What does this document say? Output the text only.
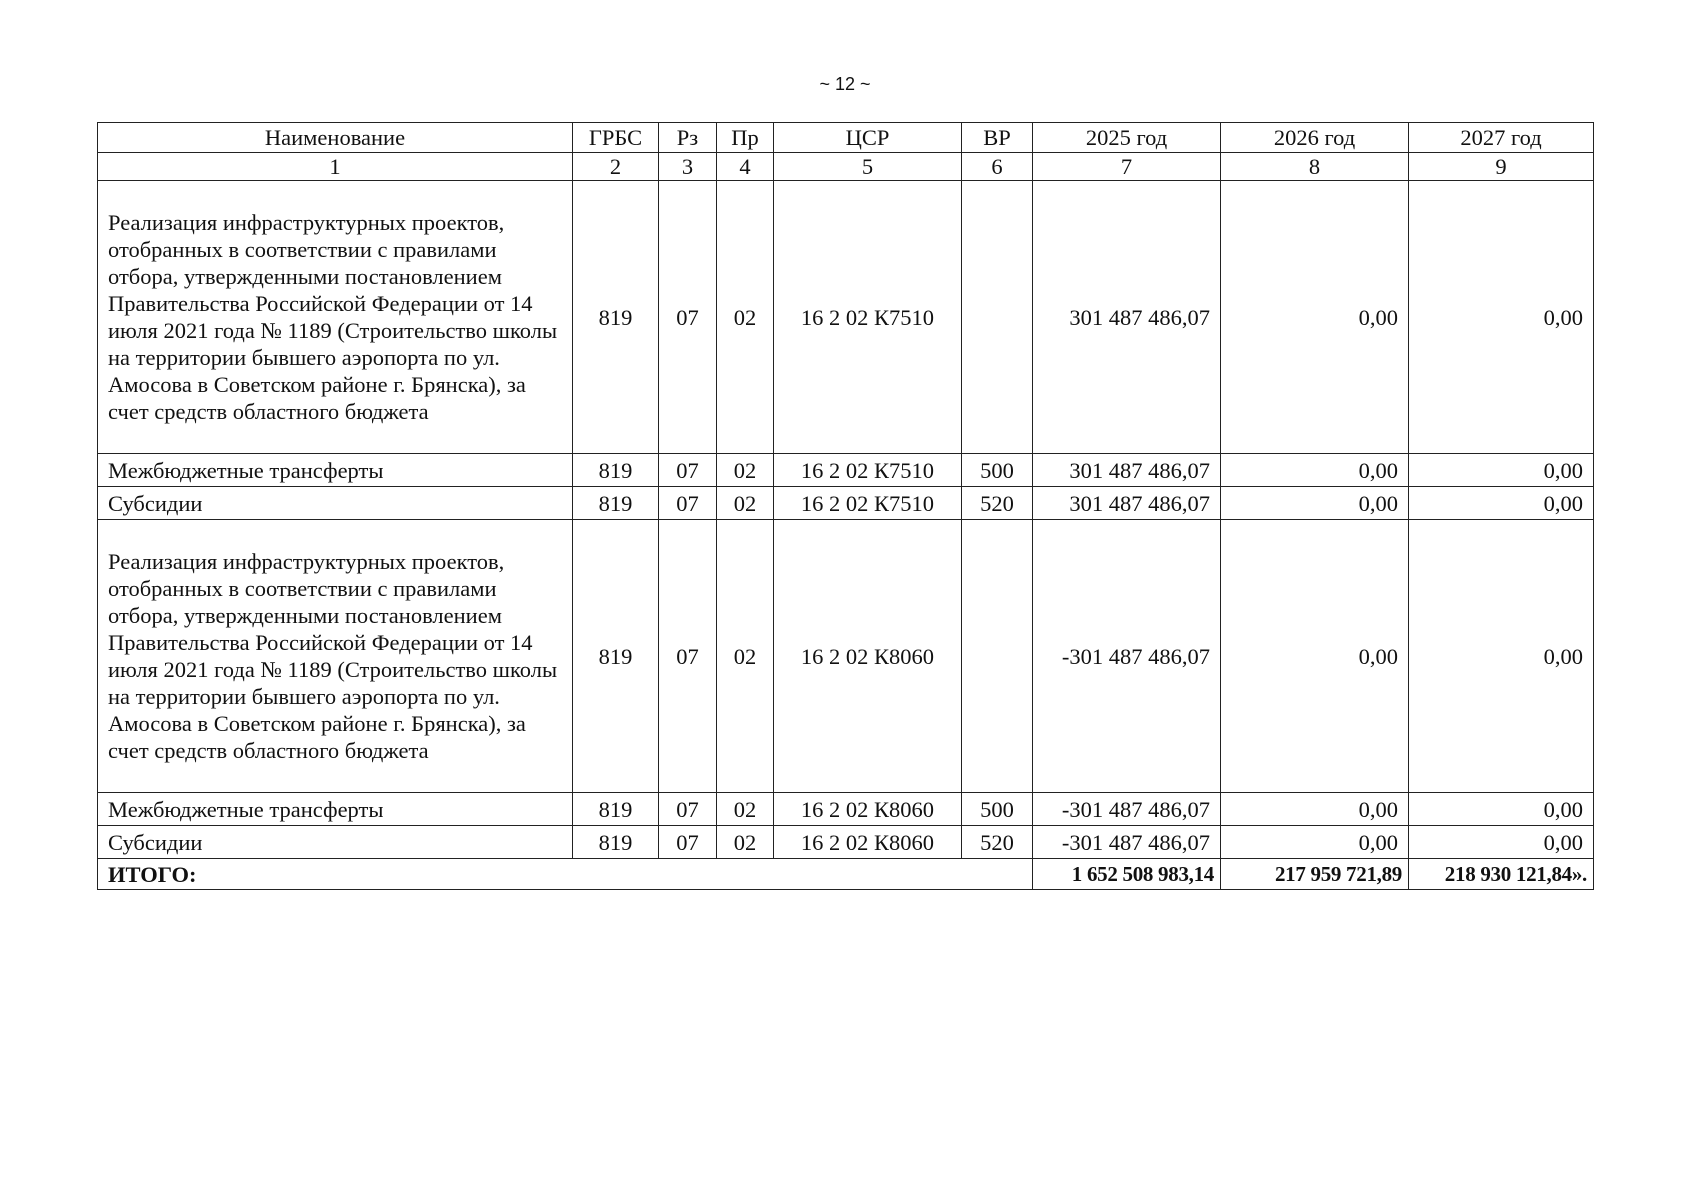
~ 12 ~
Наименование	ГРБС	Рз	Пр	ЦСР	ВР	2025 год	2026 год	2027 год
1	2	3	4	5	6	7	8	9
Реализация инфраструктурных проектов, отобранных в соответствии с правилами отбора, утвержденными постановлением Правительства Российской Федерации от 14 июля 2021 года № 1189 (Строительство школы на территории бывшего аэропорта по ул. Амосова в Советском районе г. Брянска), за счет средств областного бюджета	819	07	02	16 2 02 К7510		301 487 486,07	0,00	0,00
Межбюджетные трансферты	819	07	02	16 2 02 К7510	500	301 487 486,07	0,00	0,00
Субсидии	819	07	02	16 2 02 К7510	520	301 487 486,07	0,00	0,00
Реализация инфраструктурных проектов, отобранных в соответствии с правилами отбора, утвержденными постановлением Правительства Российской Федерации от 14 июля 2021 года № 1189 (Строительство школы на территории бывшего аэропорта по ул. Амосова в Советском районе г. Брянска), за счет средств областного бюджета	819	07	02	16 2 02 К8060		-301 487 486,07	0,00	0,00
Межбюджетные трансферты	819	07	02	16 2 02 К8060	500	-301 487 486,07	0,00	0,00
Субсидии	819	07	02	16 2 02 К8060	520	-301 487 486,07	0,00	0,00
ИТОГО:						1 652 508 983,14	217 959 721,89	218 930 121,84».
